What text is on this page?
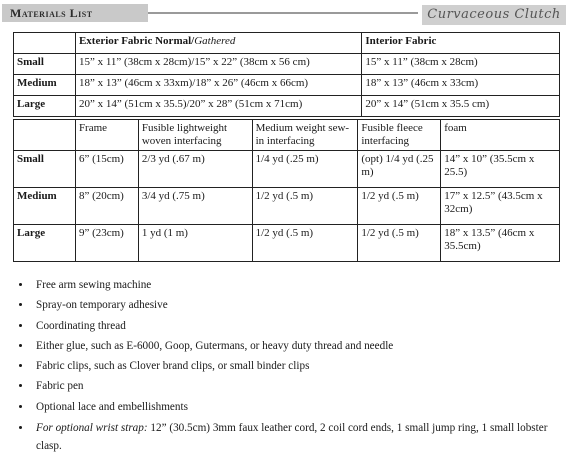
Materials List	Curvaceous Clutch
	Exterior Fabric Normal/Gathered	Interior Fabric
Small	15” x 11” (38cm x 28cm)/15” x 22” (38cm x 56 cm)	15” x 11” (38cm x 28cm)
Medium	18” x 13” (46cm x 33xm)/18” x 26” (46cm x 66cm)	18” x 13” (46cm x 33cm)
Large	20” x 14” (51cm x 35.5)/20” x 28” (51cm x 71cm)	20” x 14” (51cm x 35.5 cm)
	Frame	Fusible lightweight woven interfacing	Medium weight sew-in interfacing	Fusible fleece interfacing	foam
Small	6” (15cm)	2/3 yd (.67 m)	1/4 yd (.25 m)	(opt) 1/4 yd (.25 m)	14” x 10” (35.5cm x 25.5)
Medium	8” (20cm)	3/4 yd (.75 m)	1/2 yd (.5 m)	1/2 yd (.5 m)	17” x 12.5” (43.5cm x 32cm)
Large	9” (23cm)	1 yd (1 m)	1/2 yd (.5 m)	1/2 yd (.5 m)	18” x 13.5” (46cm x 35.5cm)
• Free arm sewing machine
• Spray-on temporary adhesive
• Coordinating thread
• Either glue, such as E-6000, Goop, Gutermans, or heavy duty thread and needle
• Fabric clips, such as Clover brand clips, or small binder clips
• Fabric pen
• Optional lace and embellishments
• For optional wrist strap: 12” (30.5cm) 3mm faux leather cord, 2 coil cord ends, 1 small jump ring, 1 small lobster clasp.
